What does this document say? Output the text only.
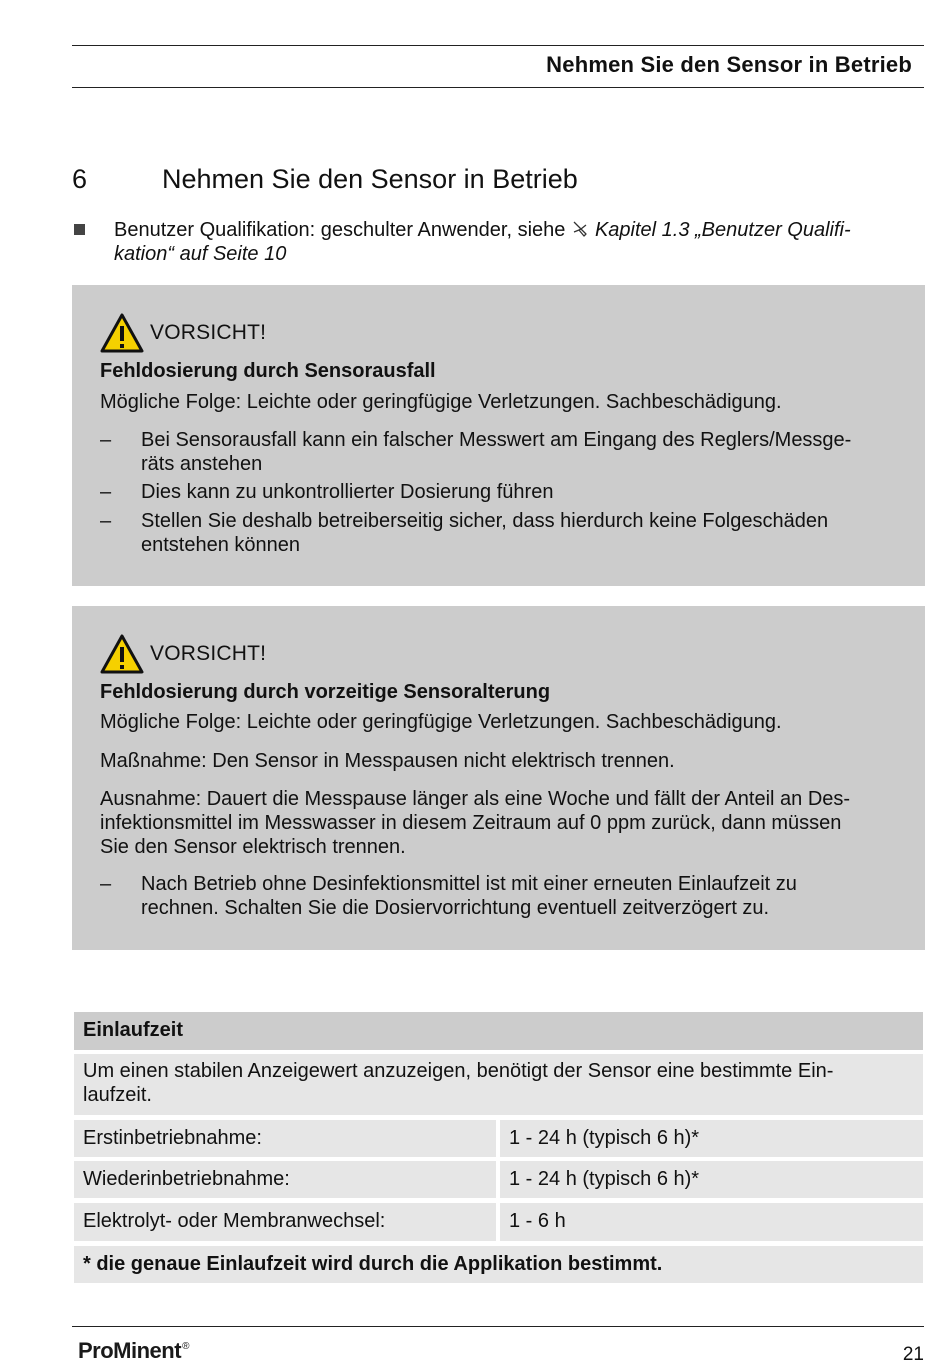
Nehmen Sie den Sensor in Betrieb
6	Nehmen Sie den Sensor in Betrieb
Benutzer Qualifikation: geschulter Anwender, siehe Kapitel 1.3 „Benutzer Qualifi-
kation“ auf Seite 10
VORSICHT!
Fehldosierung durch Sensorausfall
Mögliche Folge: Leichte oder geringfügige Verletzungen. Sachbeschädigung.
– Bei Sensorausfall kann ein falscher Messwert am Eingang des Reglers/Messge-
räts anstehen
– Dies kann zu unkontrollierter Dosierung führen
– Stellen Sie deshalb betreiberseitig sicher, dass hierdurch keine Folgeschäden
entstehen können
VORSICHT!
Fehldosierung durch vorzeitige Sensoralterung
Mögliche Folge: Leichte oder geringfügige Verletzungen. Sachbeschädigung.
Maßnahme: Den Sensor in Messpausen nicht elektrisch trennen.
Ausnahme: Dauert die Messpause länger als eine Woche und fällt der Anteil an Des-
infektionsmittel im Messwasser in diesem Zeitraum auf 0 ppm zurück, dann müssen
Sie den Sensor elektrisch trennen.
– Nach Betrieb ohne Desinfektionsmittel ist mit einer erneuten Einlaufzeit zu
rechnen. Schalten Sie die Dosiervorrichtung eventuell zeitverzögert zu.
Einlaufzeit
Um einen stabilen Anzeigewert anzuzeigen, benötigt der Sensor eine bestimmte Ein-
laufzeit.
Erstinbetriebnahme:	1 - 24 h (typisch 6 h)*
Wiederinbetriebnahme:	1 - 24 h (typisch 6 h)*
Elektrolyt- oder Membranwechsel:	1 - 6 h
* die genaue Einlaufzeit wird durch die Applikation bestimmt.
ProMinent®	21
